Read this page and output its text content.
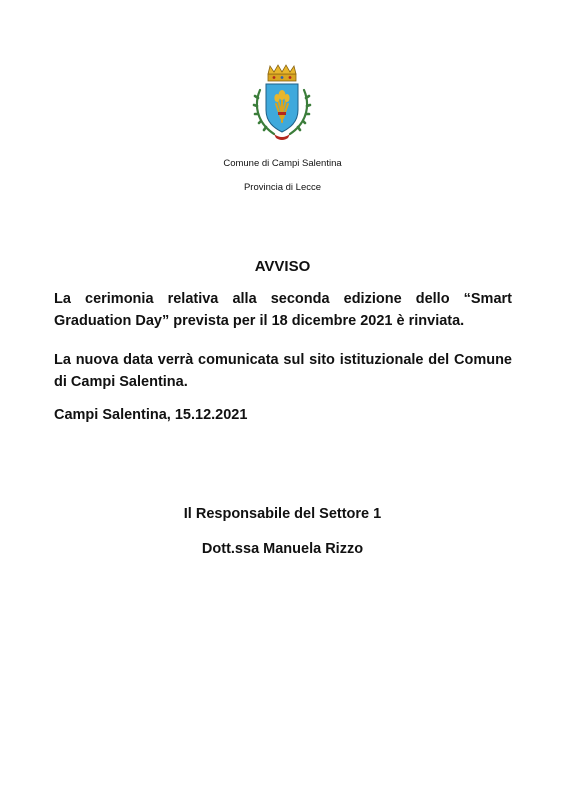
Comune di Campi Salentina
Provincia di Lecce
AVVISO

La cerimonia relativa alla seconda edizione dello “Smart Graduation Day” prevista per il 18 dicembre 2021 è rinviata.

La nuova data verrà comunicata sul sito istituzionale del Comune di Campi Salentina.

Campi Salentina, 15.12.2021

Il Responsabile del Settore 1
Dott.ssa Manuela Rizzo
